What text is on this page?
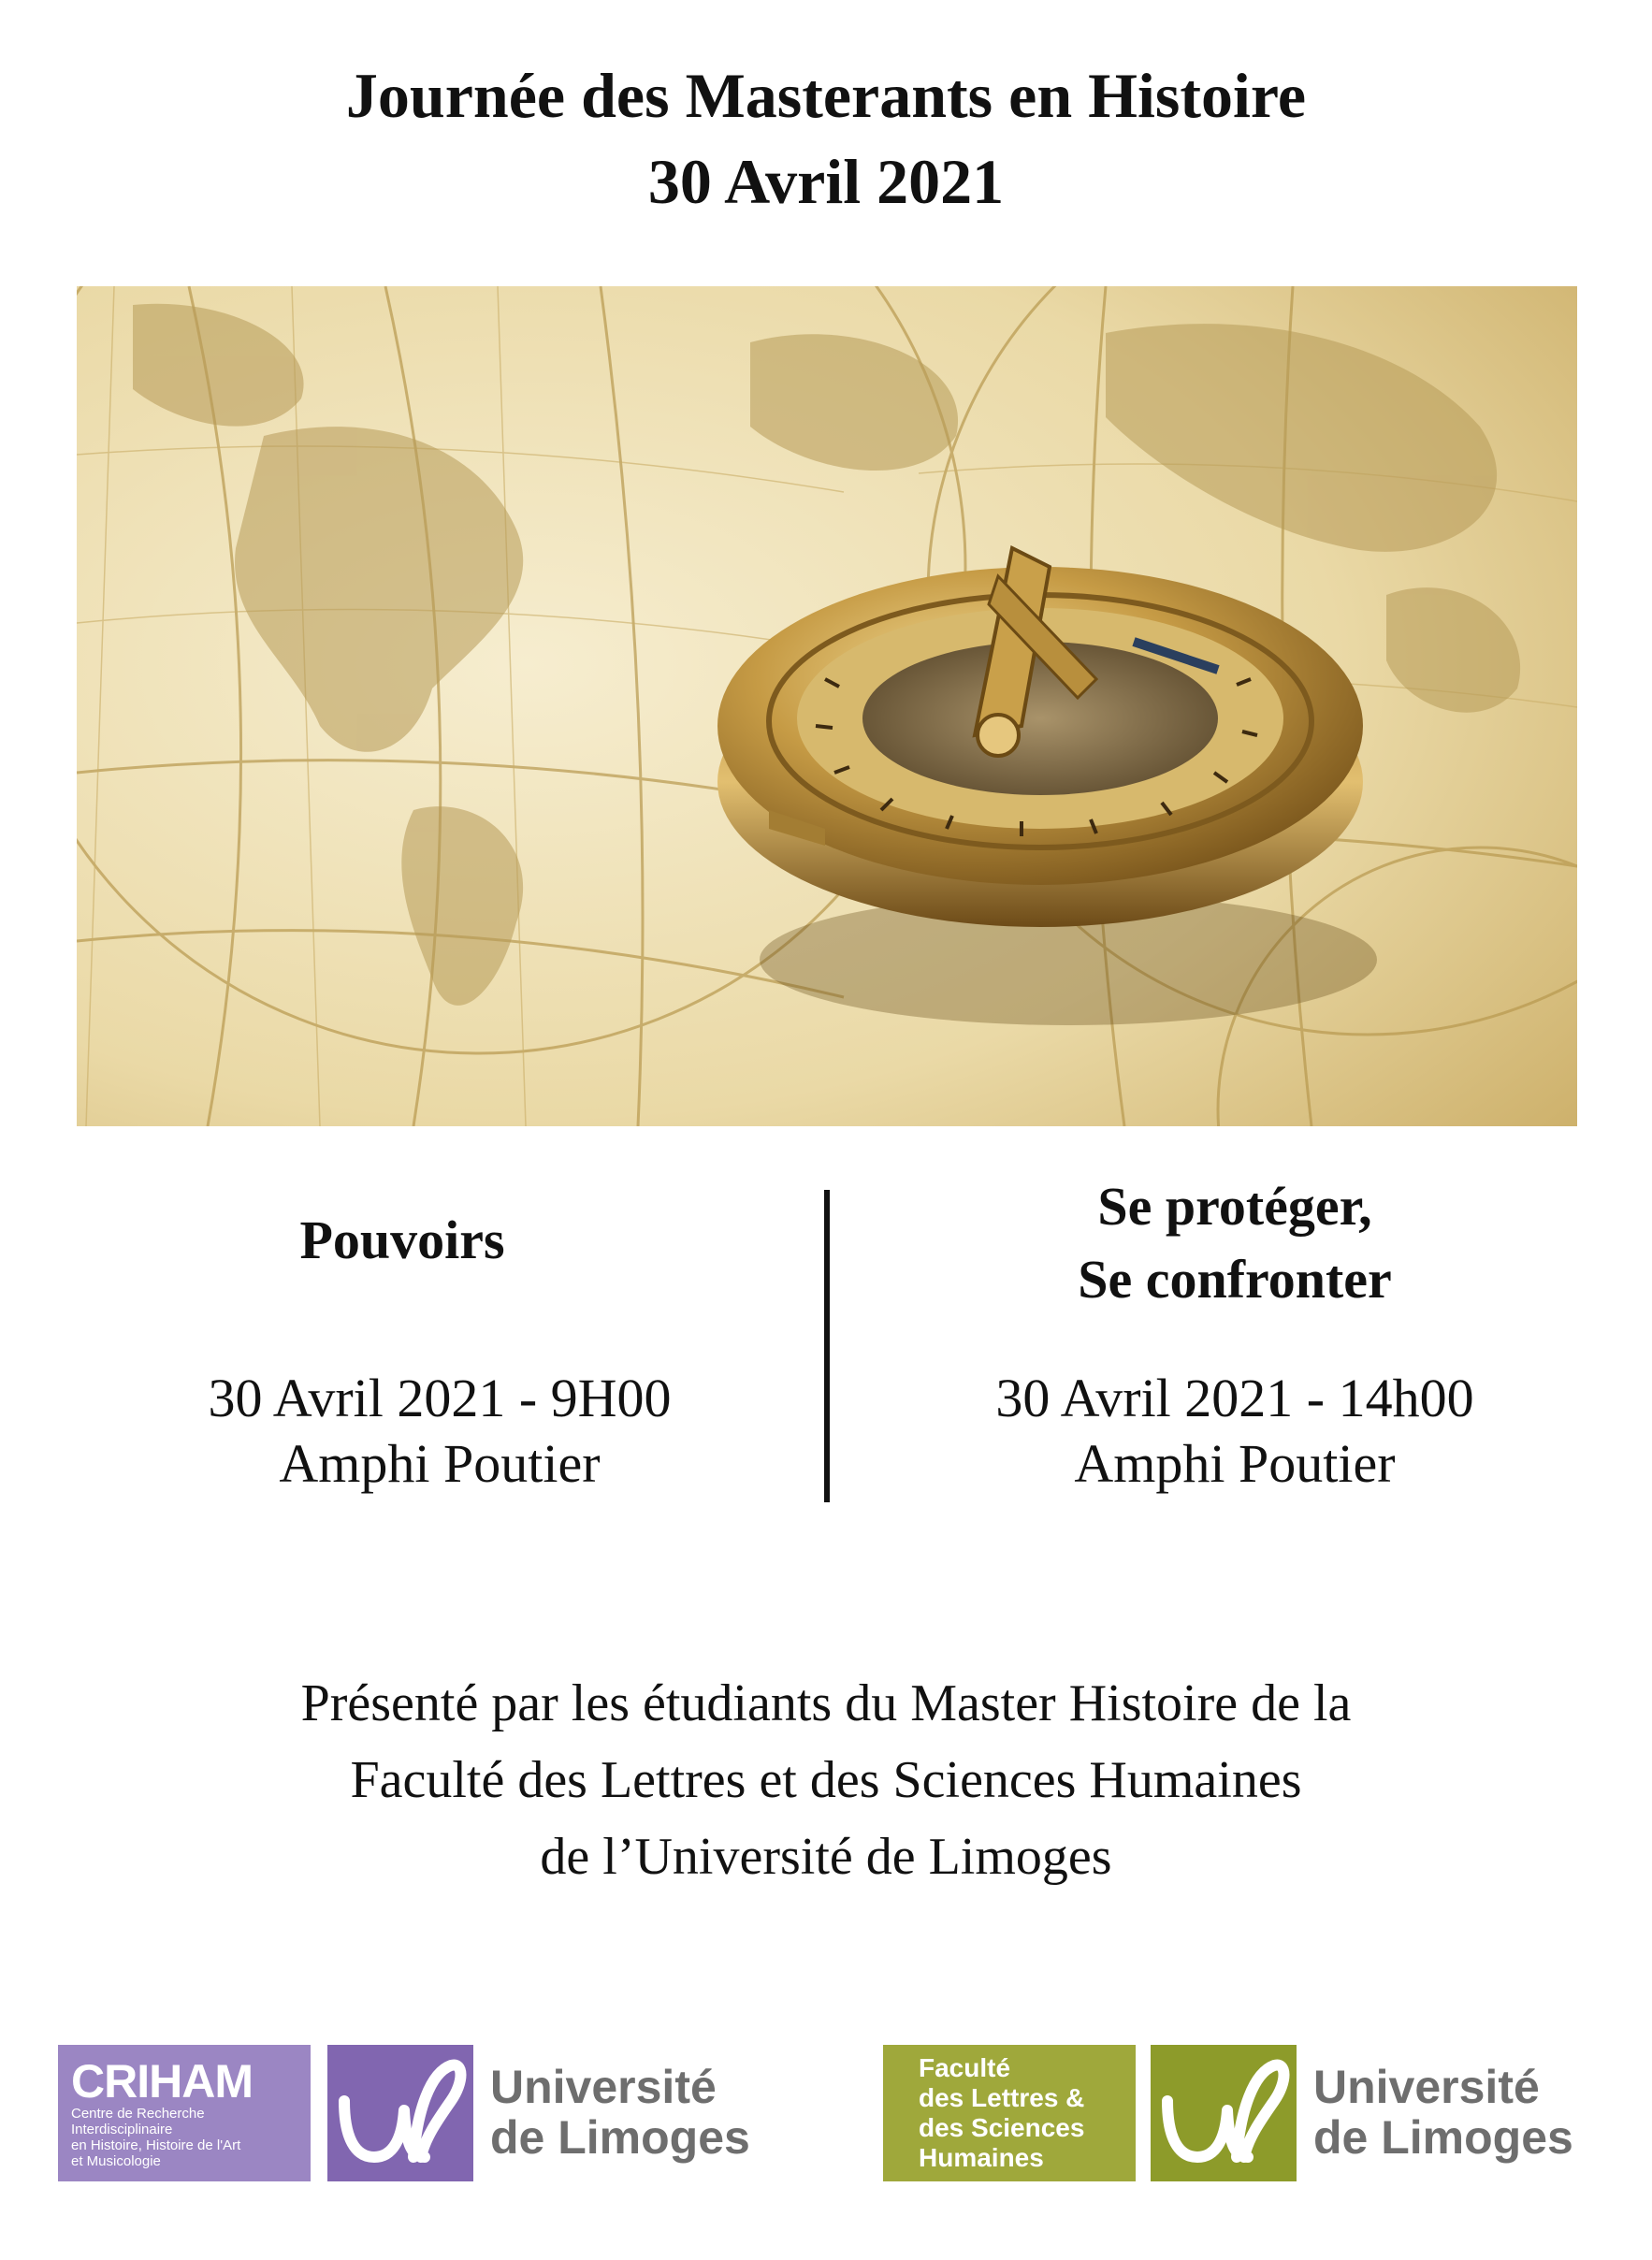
Journée des Masterants en Histoire
30 Avril 2021
Pouvoirs
30 Avril 2021 - 9H00
Amphi Poutier
Se protéger,
Se confronter
30 Avril 2021 - 14h00
Amphi Poutier
Présenté par les étudiants du Master Histoire de la
Faculté des Lettres et des Sciences Humaines
de l’Université de Limoges
CRIHAM
Centre de Recherche
Interdisciplinaire
en Histoire, Histoire de l'Art
et Musicologie
Université
de Limoges
Faculté
des Lettres &
des Sciences
Humaines
Université
de Limoges
